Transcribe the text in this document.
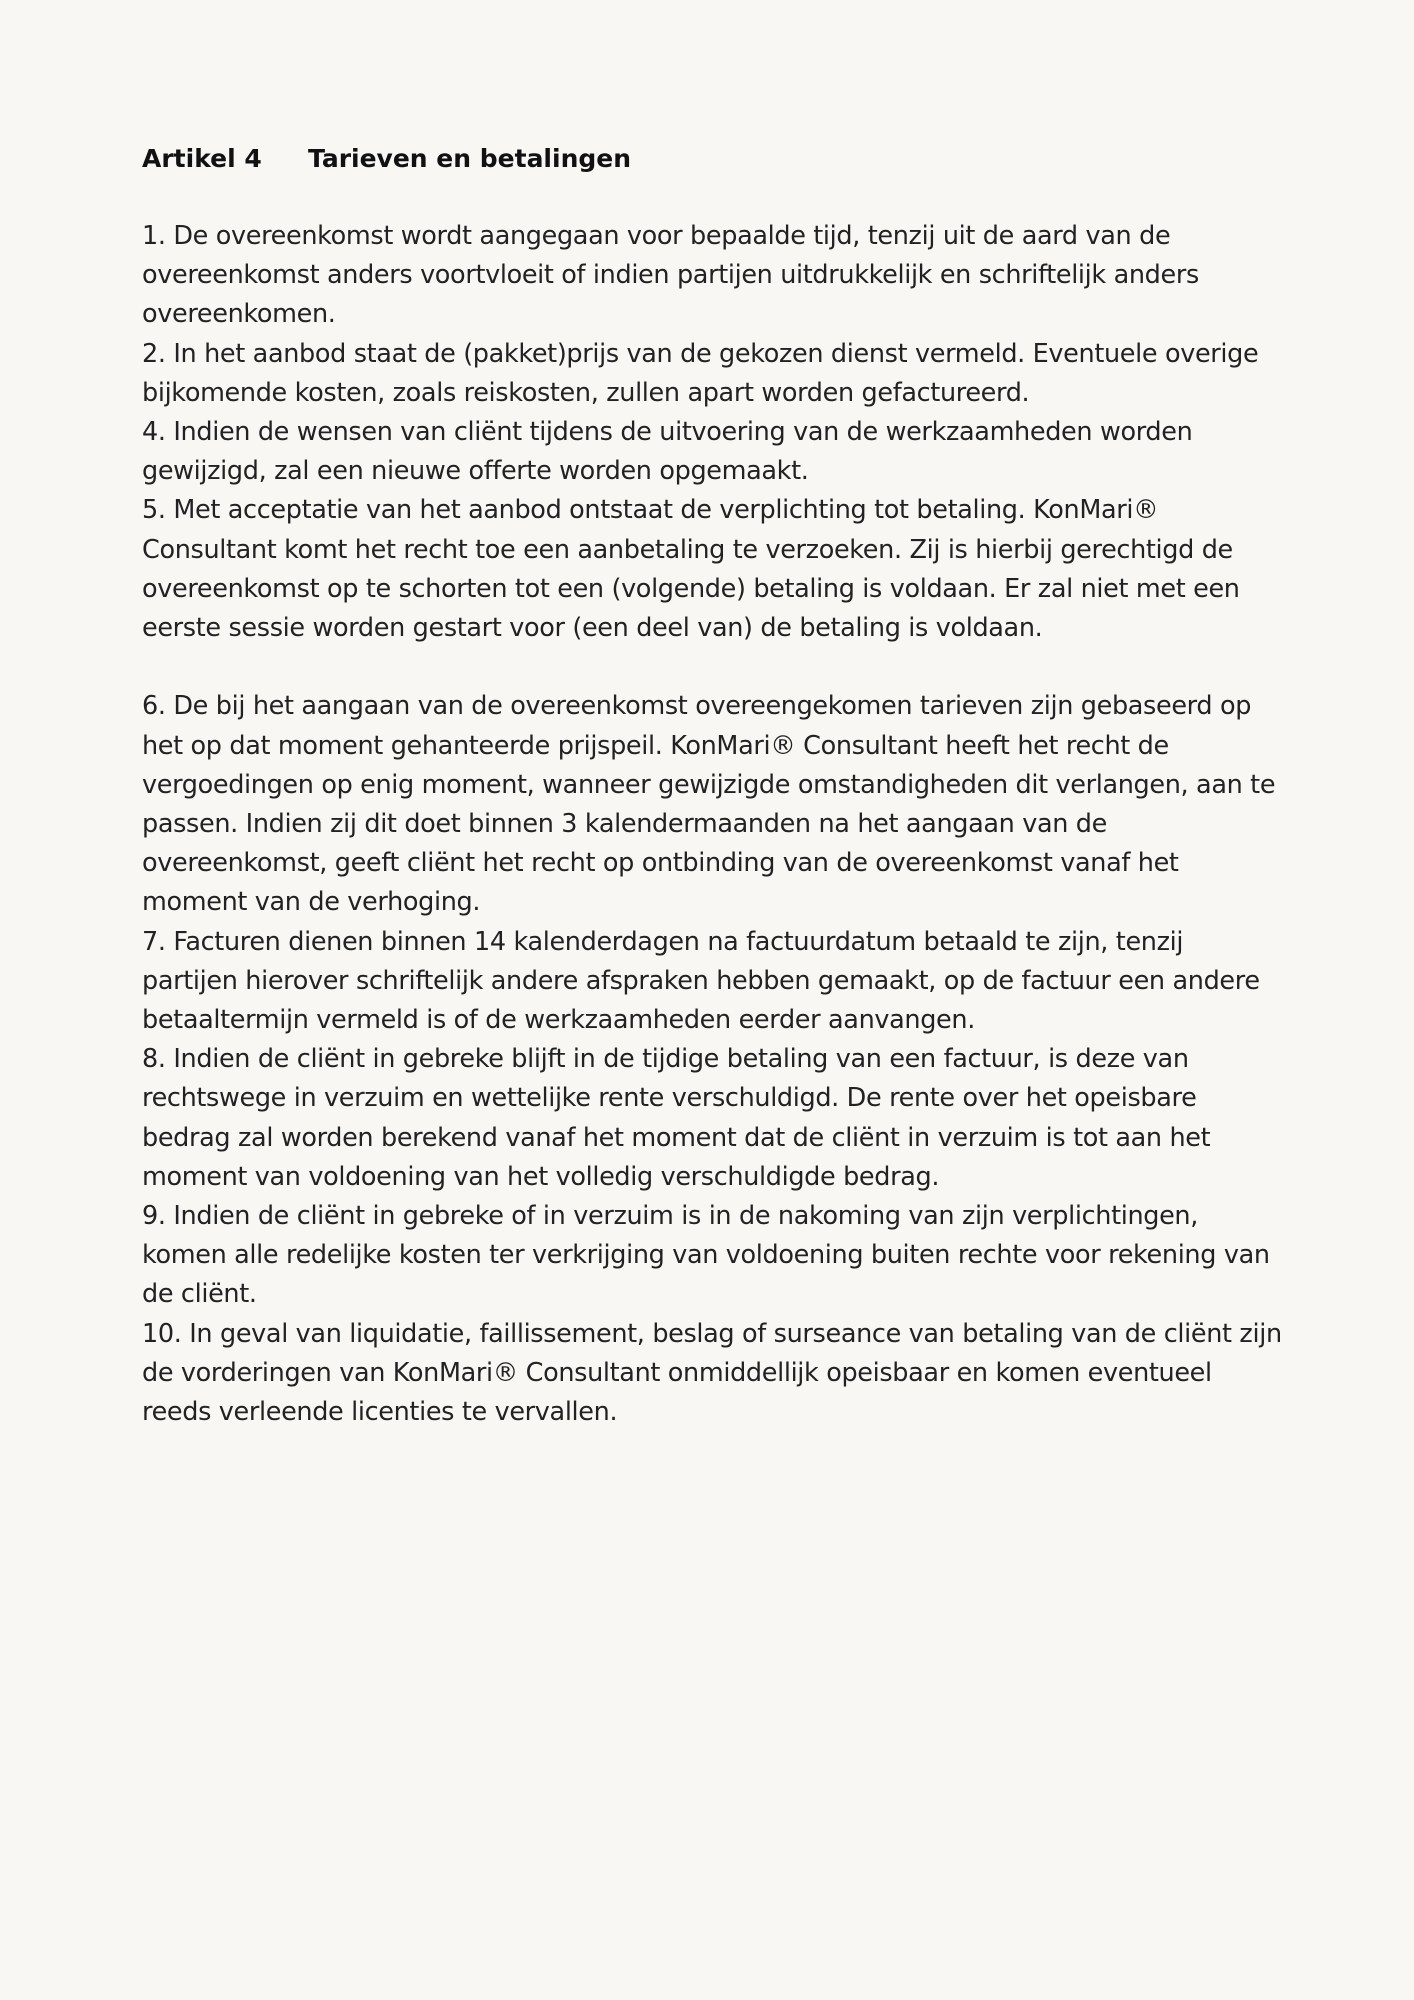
Artikel 4	Tarieven en betalingen

1. De overeenkomst wordt aangegaan voor bepaalde tijd, tenzij uit de aard van de overeenkomst anders voortvloeit of indien partijen uitdrukkelijk en schriftelijk anders overeenkomen.

2. In het aanbod staat de (pakket)prijs van de gekozen dienst vermeld. Eventuele overige bijkomende kosten, zoals reiskosten, zullen apart worden gefactureerd.

4. Indien de wensen van cliënt tijdens de uitvoering van de werkzaamheden worden gewijzigd, zal een nieuwe offerte worden opgemaakt.

5. Met acceptatie van het aanbod ontstaat de verplichting tot betaling. KonMari® Consultant komt het recht toe een aanbetaling te verzoeken. Zij is hierbij gerechtigd de overeenkomst op te schorten tot een (volgende) betaling is voldaan. Er zal niet met een eerste sessie worden gestart voor (een deel van) de betaling is voldaan.

6. De bij het aangaan van de overeenkomst overeengekomen tarieven zijn gebaseerd op het op dat moment gehanteerde prijspeil. KonMari® Consultant heeft het recht de vergoedingen op enig moment, wanneer gewijzigde omstandigheden dit verlangen, aan te passen. Indien zij dit doet binnen 3 kalendermaanden na het aangaan van de overeenkomst, geeft cliënt het recht op ontbinding van de overeenkomst vanaf het moment van de verhoging.

7. Facturen dienen binnen 14 kalenderdagen na factuurdatum betaald te zijn, tenzij partijen hierover schriftelijk andere afspraken hebben gemaakt, op de factuur een andere betaaltermijn vermeld is of de werkzaamheden eerder aanvangen.

8. Indien de cliënt in gebreke blijft in de tijdige betaling van een factuur, is deze van rechtswege in verzuim en wettelijke rente verschuldigd. De rente over het opeisbare bedrag zal worden berekend vanaf het moment dat de cliënt in verzuim is tot aan het moment van voldoening van het volledig verschuldigde bedrag.

9. Indien de cliënt in gebreke of in verzuim is in de nakoming van zijn verplichtingen, komen alle redelijke kosten ter verkrijging van voldoening buiten rechte voor rekening van de cliënt.

10. In geval van liquidatie, faillissement, beslag of surseance van betaling van de cliënt zijn de vorderingen van KonMari® Consultant onmiddellijk opeisbaar en komen eventueel reeds verleende licenties te vervallen.
